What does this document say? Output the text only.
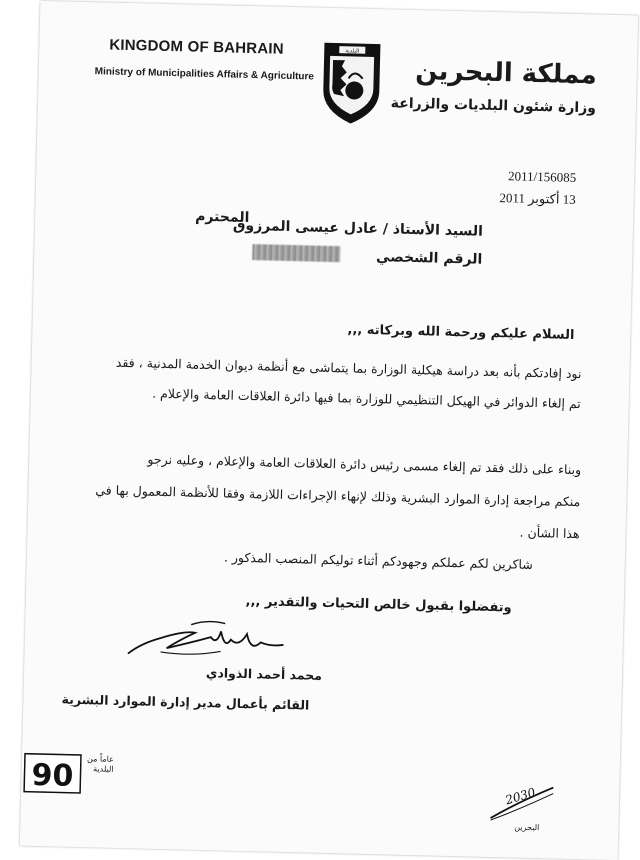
KINGDOM OF BAHRAIN
Ministry of Municipalities Affairs & Agriculture
البلدية
مملكة البحرين
وزارة شئون البلديات والزراعة
2011/156085
13 أكتوبر 2011
السيد الأستاذ / عادل عيسى المرزوق
المحترم
الرقم الشخصي
السلام عليكم ورحمة الله وبركاته ,,,
نود إفادتكم بأنه بعد دراسة هيكلية الوزارة بما يتماشى مع أنظمة ديوان الخدمة المدنية ، فقد
تم إلغاء الدوائر في الهيكل التنظيمي للوزارة بما فيها دائرة العلاقات العامة والإعلام .
وبناء على ذلك فقد تم إلغاء مسمى رئيس دائرة العلاقات العامة والإعلام ، وعليه نرجو
منكم مراجعة إدارة الموارد البشرية وذلك لإنهاء الإجراءات اللازمة وفقا للأنظمة المعمول بها في
هذا الشأن .
شاكرين لكم عملكم وجهودكم أثناء توليكم المنصب المذكور .
وتفضلوا بقبول خالص التحيات والتقدير ,,,
محمد أحمد الذوادي
القائم بأعمال مدير إدارة الموارد البشرية
90	عاماً من البلدية
2030
البحرين
